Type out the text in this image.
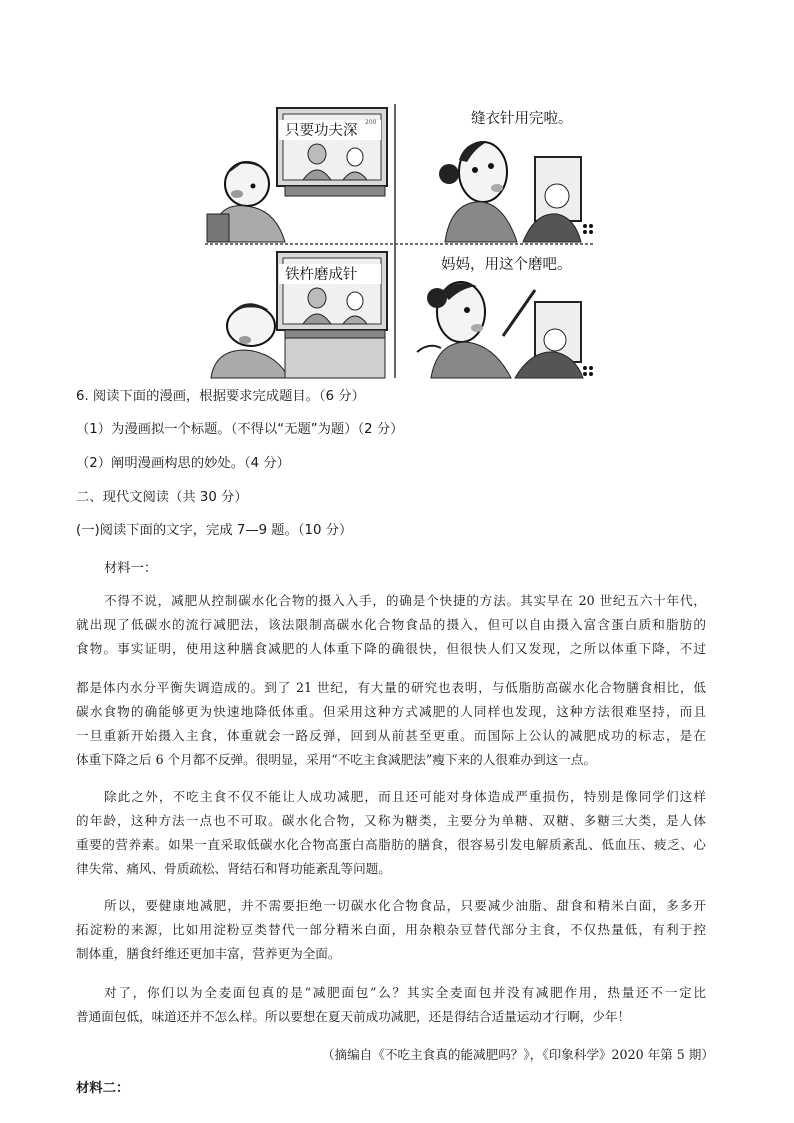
只要功夫深
200	缝衣针用完啦。
铁杵磨成针
妈妈，用这个磨吧。
6. 阅读下面的漫画，根据要求完成题目。（6 分）
（1）为漫画拟一个标题。（不得以“无题”为题）（2 分）
（2）阐明漫画构思的妙处。（4 分）
二、现代文阅读（共 30 分）
(一)阅读下面的文字，完成 7—9 题。（10 分）
材料一：
不得不说，减肥从控制碳水化合物的摄入入手，的确是个快捷的方法。其实早在 20 世纪五六十年代，
就出现了低碳水的流行减肥法，该法限制高碳水化合物食品的摄入，但可以自由摄入富含蛋白质和脂肪的
食物。事实证明，使用这种膳食减肥的人体重下降的确很快，但很快人们又发现，之所以体重下降，不过
都是体内水分平衡失调造成的。到了 21 世纪，有大量的研究也表明，与低脂肪高碳水化合物膳食相比，低
碳水食物的确能够更为快速地降低体重。但采用这种方式减肥的人同样也发现，这种方法很难坚持，而且
一旦重新开始摄入主食，体重就会一路反弹，回到从前甚至更重。而国际上公认的减肥成功的标志，是在
体重下降之后 6 个月都不反弹。很明显，采用“不吃主食减肥法”瘦下来的人很难办到这一点。
除此之外，不吃主食不仅不能让人成功减肥，而且还可能对身体造成严重损伤，特别是像同学们这样
的年龄，这种方法一点也不可取。碳水化合物，又称为糖类，主要分为单糖、双糖、多糖三大类，是人体
重要的营养素。如果一直采取低碳水化合物高蛋白高脂肪的膳食，很容易引发电解质紊乱、低血压、疲乏、心
律失常、痛风、骨质疏松、肾结石和肾功能紊乱等问题。
所以，要健康地减肥，并不需要拒绝一切碳水化合物食品，只要减少油脂、甜食和精米白面，多多开
拓淀粉的来源，比如用淀粉豆类替代一部分精米白面，用杂粮杂豆替代部分主食，不仅热量低，有利于控
制体重，膳食纤维还更加丰富，营养更为全面。
对了，你们以为全麦面包真的是“减肥面包”么？其实全麦面包并没有减肥作用，热量还不一定比
普通面包低，味道还并不怎么样。所以要想在夏天前成功减肥，还是得结合适量运动才行啊，少年！
（摘编自《不吃主食真的能减肥吗？》，《印象科学》2020 年第 5 期）
材料二：
